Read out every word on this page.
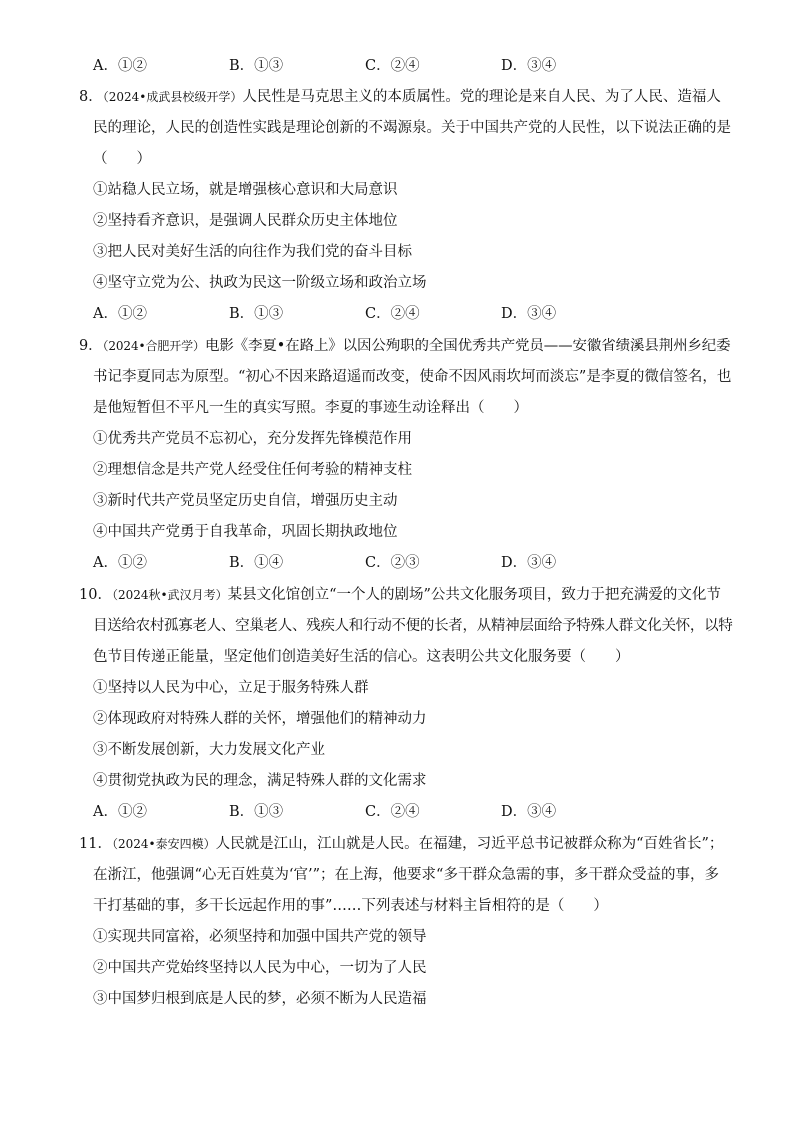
A．①②	B．①③	C．②④	D．③④
8．（2024•成武县校级开学）人民性是马克思主义的本质属性。党的理论是来自人民、为了人民、造福人
民的理论，人民的创造性实践是理论创新的不竭源泉。关于中国共产党的人民性，以下说法正确的是
（　　）
①站稳人民立场，就是增强核心意识和大局意识
②坚持看齐意识，是强调人民群众历史主体地位
③把人民对美好生活的向往作为我们党的奋斗目标
④坚守立党为公、执政为民这一阶级立场和政治立场
A．①②	B．①③	C．②④	D．③④
9．（2024•合肥开学）电影《李夏•在路上》以因公殉职的全国优秀共产党员——安徽省绩溪县荆州乡纪委
书记李夏同志为原型。“初心不因来路迢遥而改变，使命不因风雨坎坷而淡忘”是李夏的微信签名，也
是他短暂但不平凡一生的真实写照。李夏的事迹生动诠释出（　　）
①优秀共产党员不忘初心，充分发挥先锋模范作用
②理想信念是共产党人经受住任何考验的精神支柱
③新时代共产党员坚定历史自信，增强历史主动
④中国共产党勇于自我革命，巩固长期执政地位
A．①②	B．①④	C．②③	D．③④
10．（2024秋•武汉月考）某县文化馆创立“一个人的剧场”公共文化服务项目，致力于把充满爱的文化节
目送给农村孤寡老人、空巢老人、残疾人和行动不便的长者，从精神层面给予特殊人群文化关怀，以特
色节目传递正能量，坚定他们创造美好生活的信心。这表明公共文化服务要（　　）
①坚持以人民为中心，立足于服务特殊人群
②体现政府对特殊人群的关怀，增强他们的精神动力
③不断发展创新，大力发展文化产业
④贯彻党执政为民的理念，满足特殊人群的文化需求
A．①②	B．①③	C．②④	D．③④
11．（2024•泰安四模）人民就是江山，江山就是人民。在福建，习近平总书记被群众称为“百姓省长”；
在浙江，他强调“心无百姓莫为‘官’”；在上海，他要求“多干群众急需的事，多干群众受益的事，多
干打基础的事，多干长远起作用的事”……下列表述与材料主旨相符的是（　　）
①实现共同富裕，必须坚持和加强中国共产党的领导
②中国共产党始终坚持以人民为中心，一切为了人民
③中国梦归根到底是人民的梦，必须不断为人民造福
